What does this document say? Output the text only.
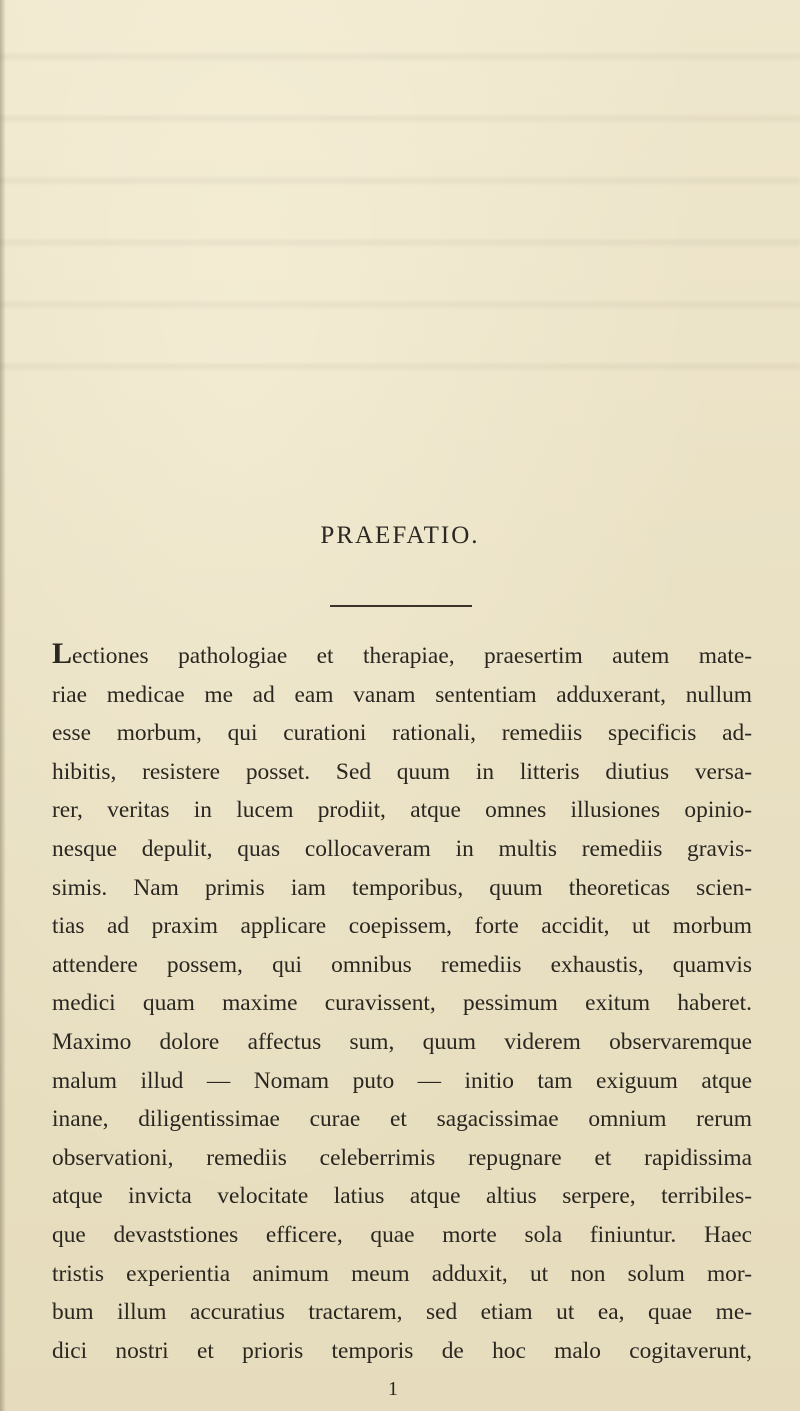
PRAEFATIO.
Lectiones pathologiae et therapiae, praesertim autem mate-
riae medicae me ad eam vanam sententiam adduxerant, nullum
esse morbum, qui curationi rationali, remediis specificis ad-
hibitis, resistere posset. Sed quum in litteris diutius versa-
rer, veritas in lucem prodiit, atque omnes illusiones opinio-
nesque depulit, quas collocaveram in multis remediis gravis-
simis. Nam primis iam temporibus, quum theoreticas scien-
tias ad praxim applicare coepissem, forte accidit, ut morbum
attendere possem, qui omnibus remediis exhaustis, quamvis
medici quam maxime curavissent, pessimum exitum haberet.
Maximo dolore affectus sum, quum viderem observaremque
malum illud — Nomam puto — initio tam exiguum atque
inane, diligentissimae curae et sagacissimae omnium rerum
observationi, remediis celeberrimis repugnare et rapidissima
atque invicta velocitate latius atque altius serpere, terribiles-
que devaststiones efficere, quae morte sola finiuntur. Haec
tristis experientia animum meum adduxit, ut non solum mor-
bum illum accuratius tractarem, sed etiam ut ea, quae me-
dici nostri et prioris temporis de hoc malo cogitaverunt,
1
